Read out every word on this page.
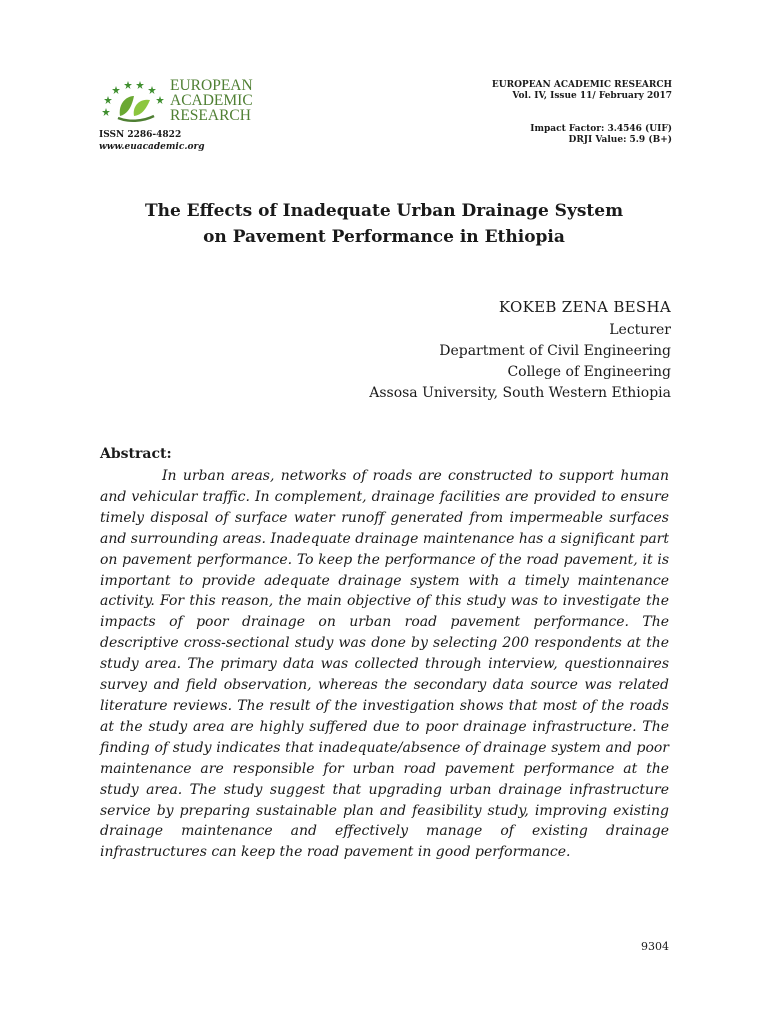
EUROPEAN
ACADEMIC
RESEARCH
ISSN 2286-4822
www.euacademic.org
EUROPEAN ACADEMIC RESEARCH
Vol. IV, Issue 11/ February 2017
Impact Factor: 3.4546 (UIF)
DRJI Value: 5.9 (B+)
The Effects of Inadequate Urban Drainage System
on Pavement Performance in Ethiopia
KOKEB ZENA BESHA
Lecturer
Department of Civil Engineering
College of Engineering
Assosa University, South Western Ethiopia
Abstract:

In urban areas, networks of roads are constructed to support human and vehicular traffic. In complement, drainage facilities are provided to ensure timely disposal of surface water runoff generated from impermeable surfaces and surrounding areas. Inadequate drainage maintenance has a significant part on pavement performance. To keep the performance of the road pavement, it is important to provide adequate drainage system with a timely maintenance activity. For this reason, the main objective of this study was to investigate the impacts of poor drainage on urban road pavement performance. The descriptive cross-sectional study was done by selecting 200 respondents at the study area. The primary data was collected through interview, questionnaires survey and field observation, whereas the secondary data source was related literature reviews. The result of the investigation shows that most of the roads at the study area are highly suffered due to poor drainage infrastructure. The finding of study indicates that inadequate/absence of drainage system and poor maintenance are responsible for urban road pavement performance at the study area. The study suggest that upgrading urban drainage infrastructure service by preparing sustainable plan and feasibility study, improving existing drainage maintenance and effectively manage of existing drainage infrastructures can keep the road pavement in good performance.

9304
